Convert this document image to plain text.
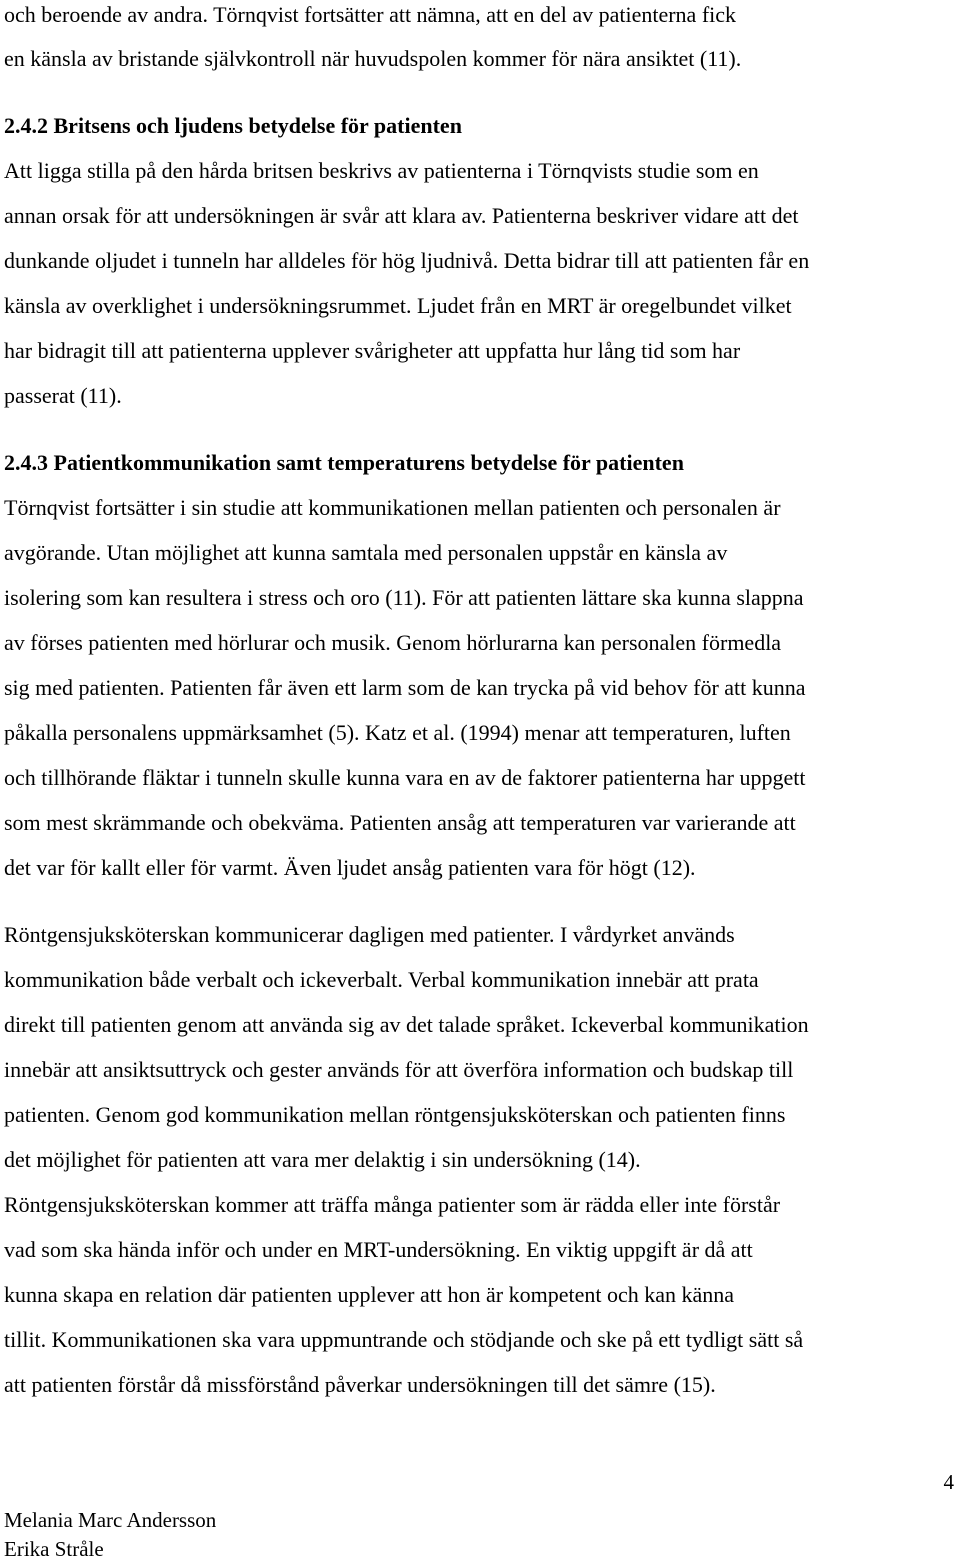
och beroende av andra. Törnqvist fortsätter att nämna, att en del av patienterna fick
en känsla av bristande självkontroll när huvudspolen kommer för nära ansiktet (11).
2.4.2 Britsens och ljudens betydelse för patienten
Att ligga stilla på den hårda britsen beskrivs av patienterna i Törnqvists studie som en
annan orsak för att undersökningen är svår att klara av. Patienterna beskriver vidare att det
dunkande oljudet i tunneln har alldeles för hög ljudnivå. Detta bidrar till att patienten får en
känsla av overklighet i undersökningsrummet. Ljudet från en MRT är oregelbundet vilket
har bidragit till att patienterna upplever svårigheter att uppfatta hur lång tid som har
passerat (11).
2.4.3 Patientkommunikation samt temperaturens betydelse för patienten
Törnqvist fortsätter i sin studie att kommunikationen mellan patienten och personalen är
avgörande. Utan möjlighet att kunna samtala med personalen uppstår en känsla av
isolering som kan resultera i stress och oro (11). För att patienten lättare ska kunna slappna
av förses patienten med hörlurar och musik. Genom hörlurarna kan personalen förmedla
sig med patienten. Patienten får även ett larm som de kan trycka på vid behov för att kunna
påkalla personalens uppmärksamhet (5). Katz et al. (1994) menar att temperaturen, luften
och tillhörande fläktar i tunneln skulle kunna vara en av de faktorer patienterna har uppgett
som mest skrämmande och obekväma. Patienten ansåg att temperaturen var varierande att
det var för kallt eller för varmt. Även ljudet ansåg patienten vara för högt (12).
Röntgensjuksköterskan kommunicerar dagligen med patienter. I vårdyrket används
kommunikation både verbalt och ickeverbalt. Verbal kommunikation innebär att prata
direkt till patienten genom att använda sig av det talade språket. Ickeverbal kommunikation
innebär att ansiktsuttryck och gester används för att överföra information och budskap till
patienten. Genom god kommunikation mellan röntgensjuksköterskan och patienten finns
det möjlighet för patienten att vara mer delaktig i sin undersökning (14).
Röntgensjuksköterskan kommer att träffa många patienter som är rädda eller inte förstår
vad som ska hända inför och under en MRT-undersökning. En viktig uppgift är då att
kunna skapa en relation där patienten upplever att hon är kompetent och kan känna
tillit. Kommunikationen ska vara uppmuntrande och stödjande och ske på ett tydligt sätt så
att patienten förstår då missförstånd påverkar undersökningen till det sämre (15).
Melania Marc Andersson
Erika Stråle
4
